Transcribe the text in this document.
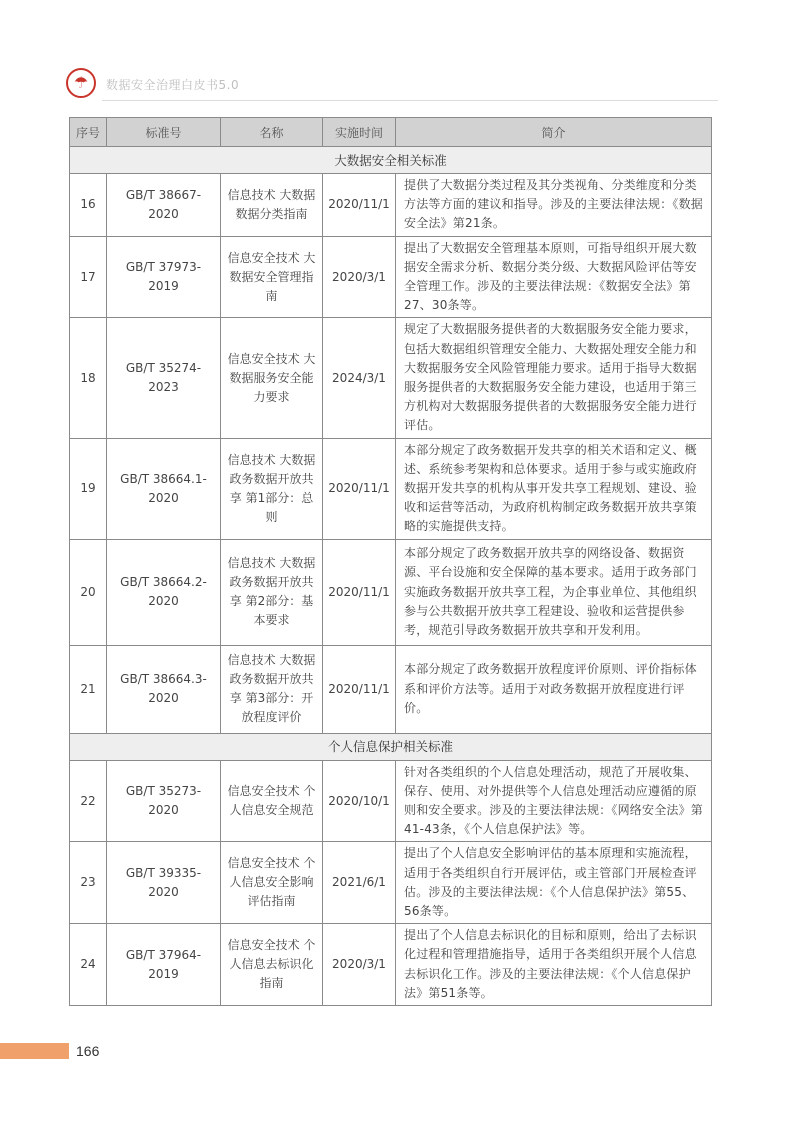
☂	数据安全治理白皮书5.0
序号	标准号	名称	实施时间	简介
大数据安全相关标准				
16	GB/T 38667-2020	信息技术 大数据 数据分类指南	2020/11/1	提供了大数据分类过程及其分类视角、分类维度和分类方法等方面的建议和指导。涉及的主要法律法规：《数据安全法》第21条。
17	GB/T 37973-2019	信息安全技术 大数据安全管理指南	2020/3/1	提出了大数据安全管理基本原则，可指导组织开展大数据安全需求分析、数据分类分级、大数据风险评估等安全管理工作。涉及的主要法律法规：《数据安全法》第27、30条等。
18	GB/T 35274-2023	信息安全技术 大数据服务安全能力要求	2024/3/1	规定了大数据服务提供者的大数据服务安全能力要求，包括大数据组织管理安全能力、大数据处理安全能力和大数据服务安全风险管理能力要求。适用于指导大数据服务提供者的大数据服务安全能力建设，也适用于第三方机构对大数据服务提供者的大数据服务安全能力进行评估。
19	GB/T 38664.1-2020	信息技术 大数据 政务数据开放共享 第1部分：总则	2020/11/1	本部分规定了政务数据开发共享的相关术语和定义、概述、系统参考架构和总体要求。适用于参与或实施政府数据开发共享的机构从事开发共享工程规划、建设、验收和运营等活动，为政府机构制定政务数据开放共享策略的实施提供支持。
20	GB/T 38664.2-2020	信息技术 大数据 政务数据开放共享 第2部分：基本要求	2020/11/1	本部分规定了政务数据开放共享的网络设备、数据资源、平台设施和安全保障的基本要求。适用于政务部门实施政务数据开放共享工程，为企事业单位、其他组织参与公共数据开放共享工程建设、验收和运营提供参考，规范引导政务数据开放共享和开发利用。
21	GB/T 38664.3-2020	信息技术 大数据 政务数据开放共享 第3部分：开放程度评价	2020/11/1	本部分规定了政务数据开放程度评价原则、评价指标体系和评价方法等。适用于对政务数据开放程度进行评价。
个人信息保护相关标准				
22	GB/T 35273-2020	信息安全技术 个人信息安全规范	2020/10/1	针对各类组织的个人信息处理活动，规范了开展收集、保存、使用、对外提供等个人信息处理活动应遵循的原则和安全要求。涉及的主要法律法规：《网络安全法》第41-43条，《个人信息保护法》等。
23	GB/T 39335-2020	信息安全技术 个人信息安全影响评估指南	2021/6/1	提出了个人信息安全影响评估的基本原理和实施流程，适用于各类组织自行开展评估，或主管部门开展检查评估。涉及的主要法律法规：《个人信息保护法》第55、56条等。
24	GB/T 37964-2019	信息安全技术 个人信息去标识化指南	2020/3/1	提出了个人信息去标识化的目标和原则，给出了去标识化过程和管理措施指导，适用于各类组织开展个人信息去标识化工作。涉及的主要法律法规：《个人信息保护法》第51条等。
166
